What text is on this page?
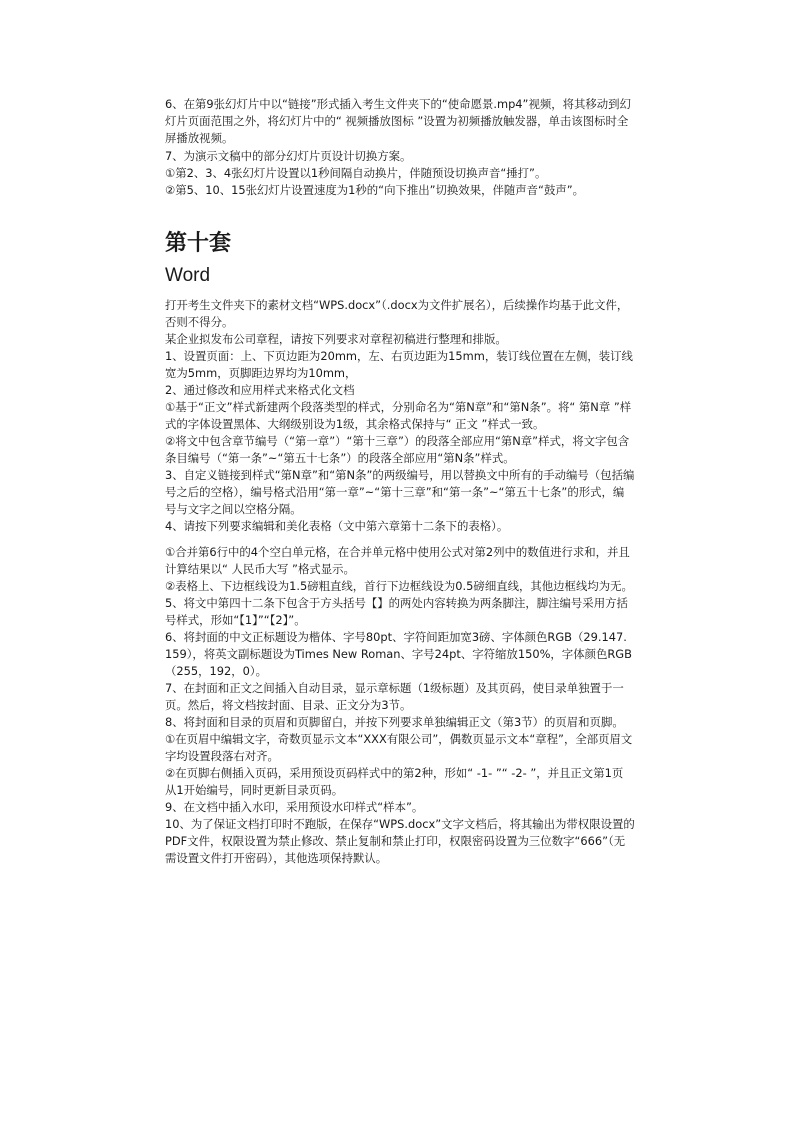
6、在第9张幻灯片中以“链接”形式插入考生文件夹下的“使命愿景.mp4”视频，将其移动到幻
灯片页面范围之外，将幻灯片中的“ 视频播放图标 ”设置为初频播放触发器，单击该图标时全
屏播放视频。
7、为演示文稿中的部分幻灯片页设计切换方案。
①第2、3、4张幻灯片设置以1秒间隔自动换片，伴随预设切换声音“捶打”。
②第5、10、15张幻灯片设置速度为1秒的“向下推出”切换效果，伴随声音“鼓声”。
第十套
Word
打开考生文件夹下的素材文档“WPS.docx”（.docx为文件扩展名），后续操作均基于此文件，
否则不得分。
某企业拟发布公司章程，请按下列要求对章程初稿进行整理和排版。
1、设置页面：上、下页边距为20mm，左、右页边距为15mm，装订线位置在左侧，装订线
宽为5mm，页脚距边界均为10mm，
2、通过修改和应用样式来格式化文档
①基于“正文”样式新建两个段落类型的样式，分别命名为“第N章”和“第N条”。将“ 第N章 ”样
式的字体设置黑体、大纲级别设为1级，其余格式保持与“ 正文 ”样式一致。
②将文中包含章节编号（“第一章”）“第十三章”）的段落全部应用“第N章”样式，将文字包含
条目编号（“第一条”~“第五十七条”）的段落全部应用“第N条”样式。
3、自定义链接到样式“第N章”和“第N条”的两级编号，用以替换文中所有的手动编号（包括编
号之后的空格），编号格式沿用“第一章”~“第十三章”和“第一条”~“第五十七条”的形式，编
号与文字之间以空格分隔。
4、请按下列要求编辑和美化表格（文中第六章第十二条下的表格）。
①合并第6行中的4个空白单元格，在合并单元格中使用公式对第2列中的数值进行求和，并且
计算结果以“ 人民币大写 ”格式显示。
②表格上、下边框线设为1.5磅粗直线，首行下边框线设为0.5磅细直线，其他边框线均为无。
5、将文中第四十二条下包含于方头括号【】的两处内容转换为两条脚注，脚注编号采用方括
号样式，形如“【1】”“【2】”。
6、将封面的中文正标题设为楷体、字号80pt、字符间距加宽3磅、字体颜色RGB（29.147.
159），将英文副标题设为Times New Roman、字号24pt、字符缩放150%，字体颜色RGB
（255，192，0）。
7、在封面和正文之间插入自动目录，显示章标题（1级标题）及其页码，使目录单独置于一
页。然后，将文档按封面、目录、正文分为3节。
8、将封面和目录的页眉和页脚留白，并按下列要求单独编辑正文（第3节）的页眉和页脚。
①在页眉中编辑文字，奇数页显示文本“XXX有限公司”，偶数页显示文本“章程”，全部页眉文
字均设置段落右对齐。
②在页脚右侧插入页码，采用预设页码样式中的第2种，形如“ -1- ”“ -2- ”，并且正文第1页
从1开始编号，同时更新目录页码。
9、在文档中插入水印，采用预设水印样式“样本”。
10、为了保证文档打印时不跑版，在保存“WPS.docx”文字文档后，将其输出为带权限设置的
PDF文件，权限设置为禁止修改、禁止复制和禁止打印，权限密码设置为三位数字“666”（无
需设置文件打开密码），其他选项保持默认。
